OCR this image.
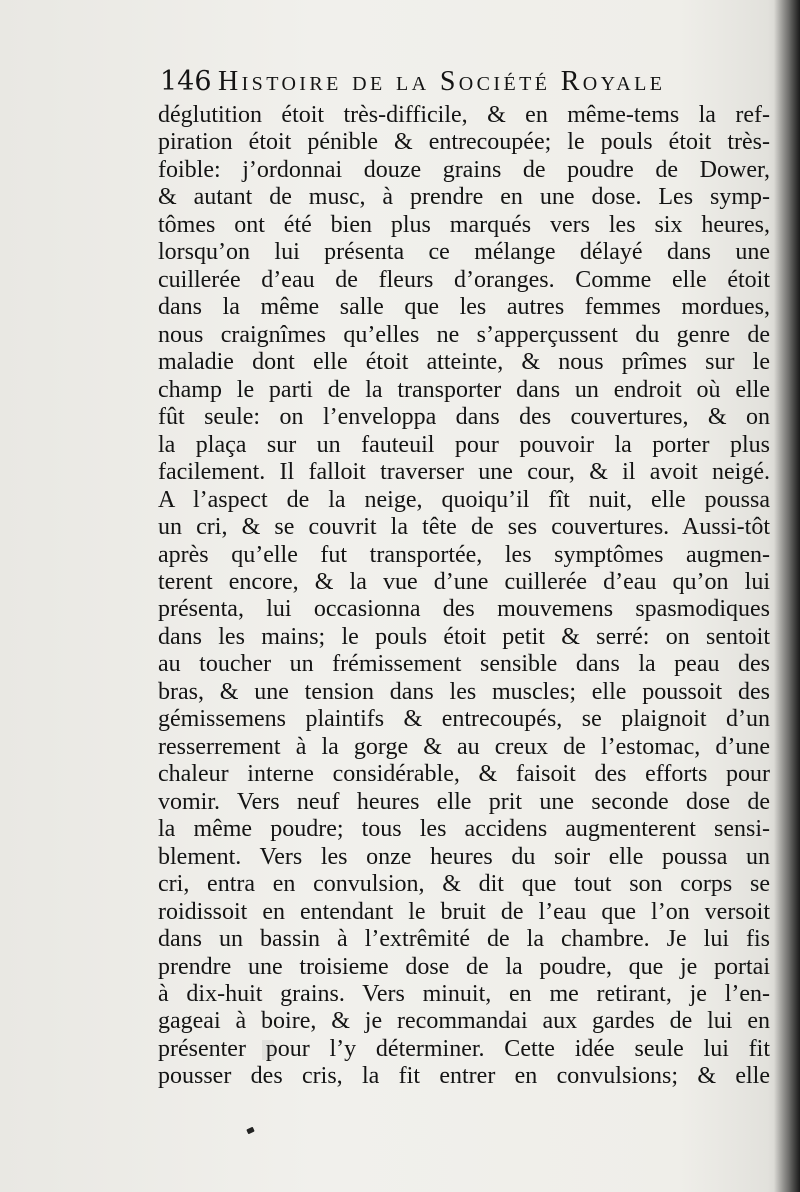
146 Histoire de la Société Royale
déglutition étoit très-difficile, & en même-tems la ref-
piration étoit pénible & entrecoupée; le pouls étoit très-
foible: j’ordonnai douze grains de poudre de Dower,
& autant de musc, à prendre en une dose. Les symp-
tômes ont été bien plus marqués vers les six heures,
lorsqu’on lui présenta ce mélange délayé dans une
cuillerée d’eau de fleurs d’oranges. Comme elle étoit
dans la même salle que les autres femmes mordues,
nous craignîmes qu’elles ne s’apperçussent du genre de
maladie dont elle étoit atteinte, & nous prîmes sur le
champ le parti de la transporter dans un endroit où elle
fût seule: on l’enveloppa dans des couvertures, & on
la plaça sur un fauteuil pour pouvoir la porter plus
facilement. Il falloit traverser une cour, & il avoit neigé.
A l’aspect de la neige, quoiqu’il fît nuit, elle poussa
un cri, & se couvrit la tête de ses couvertures. Aussi-tôt
après qu’elle fut transportée, les symptômes augmen-
terent encore, & la vue d’une cuillerée d’eau qu’on lui
présenta, lui occasionna des mouvemens spasmodiques
dans les mains; le pouls étoit petit & serré: on sentoit
au toucher un frémissement sensible dans la peau des
bras, & une tension dans les muscles; elle poussoit des
gémissemens plaintifs & entrecoupés, se plaignoit d’un
resserrement à la gorge & au creux de l’estomac, d’une
chaleur interne considérable, & faisoit des efforts pour
vomir. Vers neuf heures elle prit une seconde dose de
la même poudre; tous les accidens augmenterent sensi-
blement. Vers les onze heures du soir elle poussa un
cri, entra en convulsion, & dit que tout son corps se
roidissoit en entendant le bruit de l’eau que l’on versoit
dans un bassin à l’extrêmité de la chambre. Je lui fis
prendre une troisieme dose de la poudre, que je portai
à dix-huit grains. Vers minuit, en me retirant, je l’en-
gageai à boire, & je recommandai aux gardes de lui en
présenter pour l’y déterminer. Cette idée seule lui fit
pousser des cris, la fit entrer en convulsions; & elle
